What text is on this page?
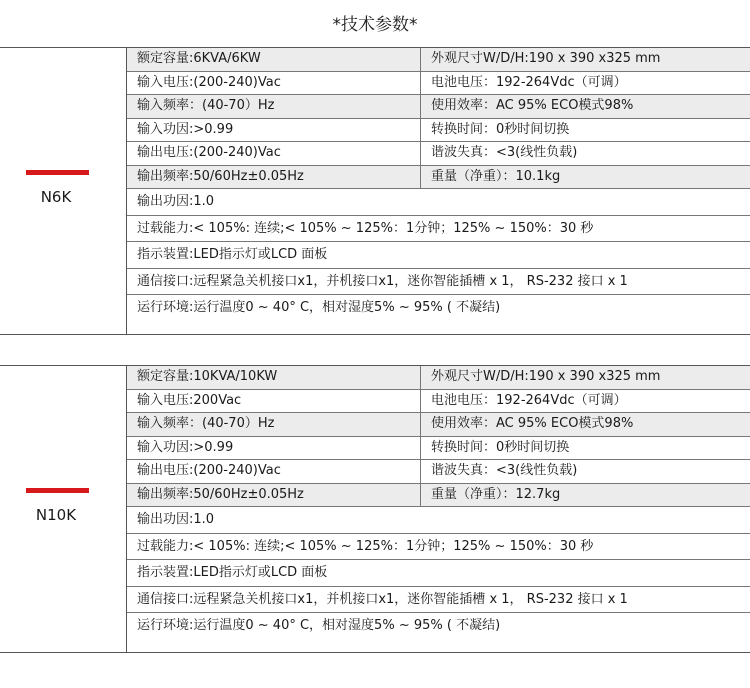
*技术参数*
N6K
额定容量:6KVA/6KW	外观尺寸W/D/H:190 x 390 x325 mm
输入电压:(200-240)Vac	电池电压：192-264Vdc（可调）
输入频率：(40-70）Hz	使用效率：AC 95% ECO模式98%
输入功因:>0.99	转换时间：0秒时间切换
输出电压:(200-240)Vac	谐波失真：<3(线性负载)
输出频率:50/60Hz±0.05Hz	重量（净重）：10.1kg
输出功因:1.0
过载能力:< 105%: 连续;< 105% ~ 125%：1分钟；125% ~ 150%：30 秒
指示装置:LED指示灯或LCD 面板
通信接口:远程紧急关机接口x1，并机接口x1，迷你智能插槽 x 1， RS-232 接口 x 1
运行环境:运行温度0 ~ 40° C，相对湿度5% ~ 95% ( 不凝结)
N10K
额定容量:10KVA/10KW	外观尺寸W/D/H:190 x 390 x325 mm
输入电压:200Vac	电池电压：192-264Vdc（可调）
输入频率：(40-70）Hz	使用效率：AC 95% ECO模式98%
输入功因:>0.99	转换时间：0秒时间切换
输出电压:(200-240)Vac	谐波失真：<3(线性负载)
输出频率:50/60Hz±0.05Hz	重量（净重）：12.7kg
输出功因:1.0
过载能力:< 105%: 连续;< 105% ~ 125%：1分钟；125% ~ 150%：30 秒
指示装置:LED指示灯或LCD 面板
通信接口:远程紧急关机接口x1，并机接口x1，迷你智能插槽 x 1， RS-232 接口 x 1
运行环境:运行温度0 ~ 40° C，相对湿度5% ~ 95% ( 不凝结)
